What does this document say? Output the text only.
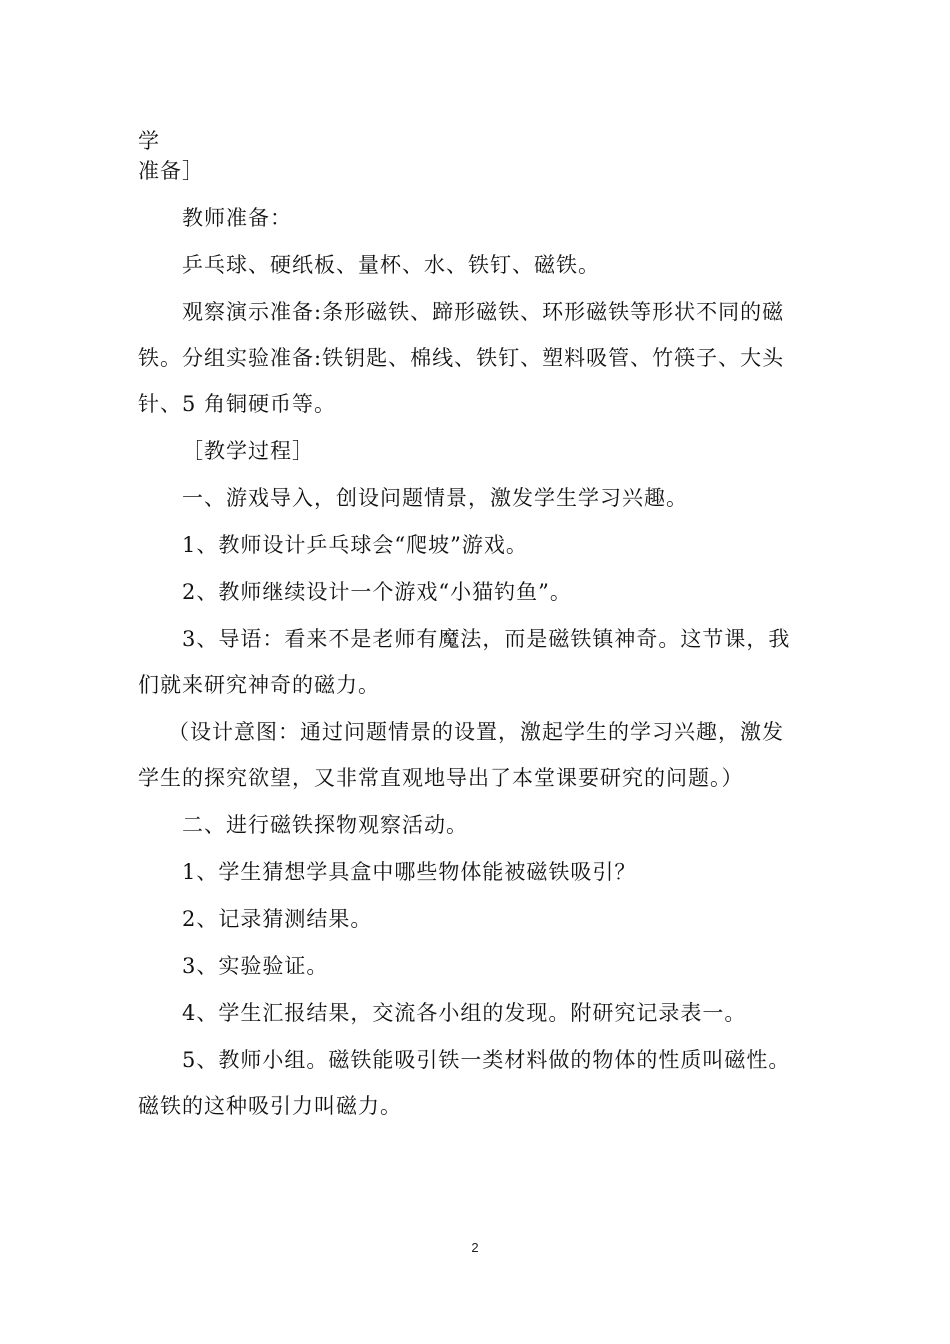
学
准备］
教师准备：
乒乓球、硬纸板、量杯、水、铁钉、磁铁。
观察演示准备:条形磁铁、蹄形磁铁、环形磁铁等形状不同的磁
铁。分组实验准备:铁钥匙、棉线、铁钉、塑料吸管、竹筷子、大头
针、5 角铜硬币等。
［教学过程］
一、游戏导入，创设问题情景，激发学生学习兴趣。
1、教师设计乒乓球会“爬坡”游戏。
2、教师继续设计一个游戏“小猫钓鱼”。
3、导语：看来不是老师有魔法，而是磁铁镇神奇。这节课，我
们就来研究神奇的磁力。
（设计意图：通过问题情景的设置，激起学生的学习兴趣，激发
学生的探究欲望，又非常直观地导出了本堂课要研究的问题。）
二、进行磁铁探物观察活动。
1、学生猜想学具盒中哪些物体能被磁铁吸引？
2、记录猜测结果。
3、实验验证。
4、学生汇报结果，交流各小组的发现。附研究记录表一。
5、教师小组。磁铁能吸引铁一类材料做的物体的性质叫磁性。
磁铁的这种吸引力叫磁力。
2
